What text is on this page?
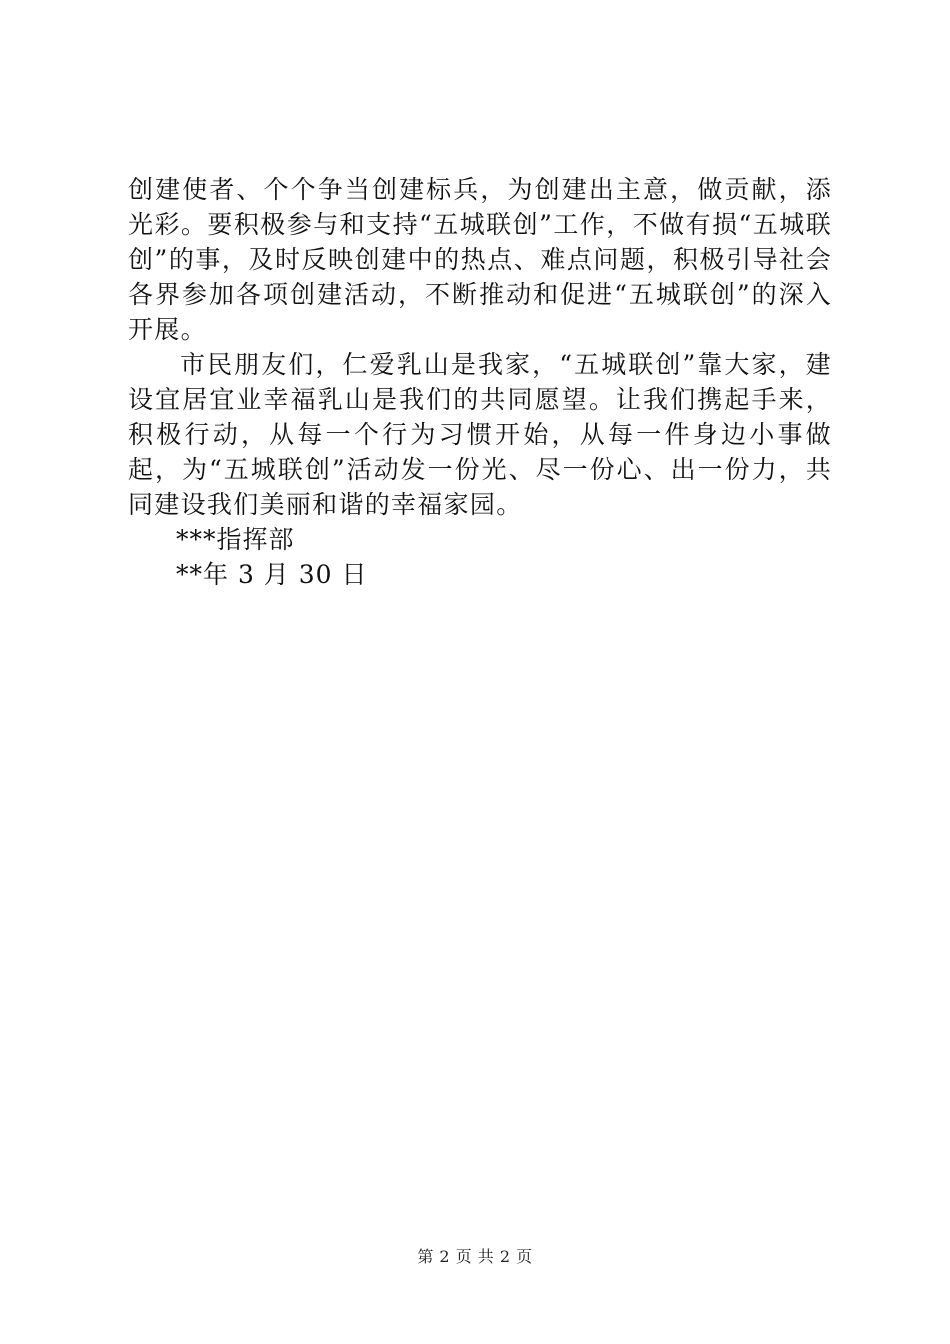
创建使者、个个争当创建标兵，为创建出主意，做贡献，添光彩。要积极参与和支持“五城联创”工作，不做有损“五城联创”的事，及时反映创建中的热点、难点问题，积极引导社会各界参加各项创建活动，不断推动和促进“五城联创”的深入开展。

市民朋友们，仁爱乳山是我家，“五城联创”靠大家，建设宜居宜业幸福乳山是我们的共同愿望。让我们携起手来，积极行动，从每一个行为习惯开始，从每一件身边小事做起，为“五城联创”活动发一份光、尽一份心、出一份力，共同建设我们美丽和谐的幸福家园。

***指挥部

**年 3 月 30 日

第 2 页 共 2 页
